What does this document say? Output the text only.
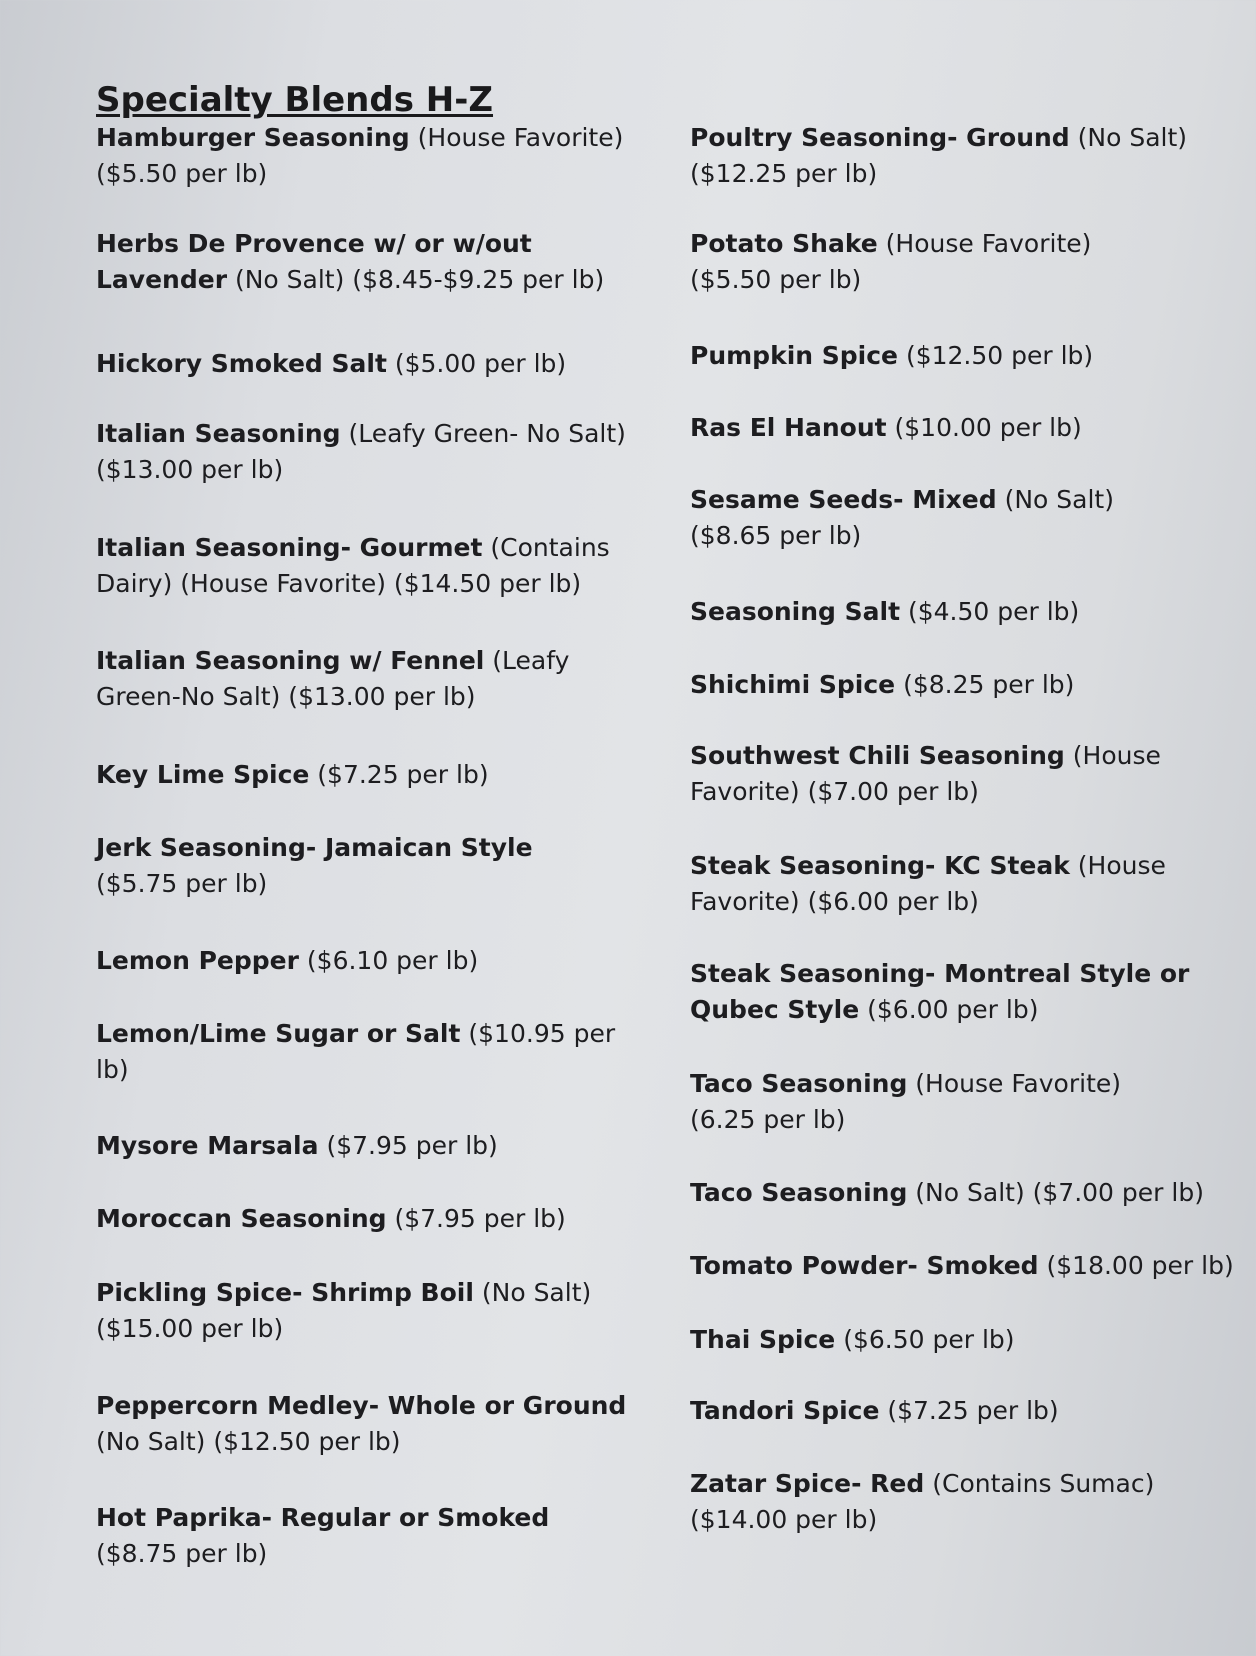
Specialty Blends H-Z
Hamburger Seasoning (House Favorite)
($5.50 per lb)
Herbs De Provence w/ or w/out
Lavender (No Salt) ($8.45-$9.25 per lb)
Hickory Smoked Salt ($5.00 per lb)
Italian Seasoning (Leafy Green- No Salt)
($13.00 per lb)
Italian Seasoning- Gourmet (Contains
Dairy) (House Favorite) ($14.50 per lb)
Italian Seasoning w/ Fennel (Leafy
Green-No Salt) ($13.00 per lb)
Key Lime Spice ($7.25 per lb)
Jerk Seasoning- Jamaican Style
($5.75 per lb)
Lemon Pepper ($6.10 per lb)
Lemon/Lime Sugar or Salt ($10.95 per
lb)
Mysore Marsala ($7.95 per lb)
Moroccan Seasoning ($7.95 per lb)
Pickling Spice- Shrimp Boil (No Salt)
($15.00 per lb)
Peppercorn Medley- Whole or Ground
(No Salt) ($12.50 per lb)
Hot Paprika- Regular or Smoked
($8.75 per lb)
Poultry Seasoning- Ground (No Salt)
($12.25 per lb)
Potato Shake (House Favorite)
($5.50 per lb)
Pumpkin Spice ($12.50 per lb)
Ras El Hanout ($10.00 per lb)
Sesame Seeds- Mixed (No Salt)
($8.65 per lb)
Seasoning Salt ($4.50 per lb)
Shichimi Spice ($8.25 per lb)
Southwest Chili Seasoning (House
Favorite) ($7.00 per lb)
Steak Seasoning- KC Steak (House
Favorite) ($6.00 per lb)
Steak Seasoning- Montreal Style or
Qubec Style ($6.00 per lb)
Taco Seasoning (House Favorite)
(6.25 per lb)
Taco Seasoning (No Salt) ($7.00 per lb)
Tomato Powder- Smoked ($18.00 per lb)
Thai Spice ($6.50 per lb)
Tandori Spice ($7.25 per lb)
Zatar Spice- Red (Contains Sumac)
($14.00 per lb)
